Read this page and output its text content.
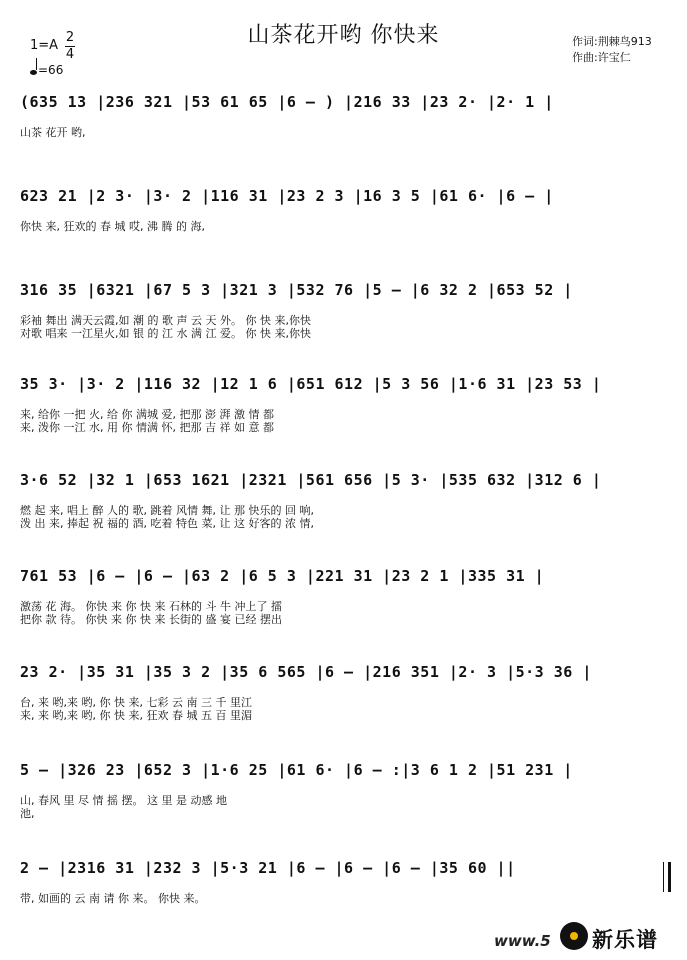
山茶花开哟 你快来
1=A
2
4
=66
作词:荆棘鸟913
作曲:许宝仁
(635 13 |236 321 |53 61 65 |6 — ) |216 33 |23 2· |2· 1 |
山茶 花开 哟,
623 21 |2 3· |3· 2 |116 31 |23 2 3 |16 3 5 |61 6· |6 — |
你快 来, 狂欢的 春 城 哎, 沸 腾 的 海,
316 35 |6321 |67 5 3 |321 3 |532 76 |5 — |6 32 2 |653 52 |
彩袖 舞出 满天云霞,如 潮 的 歌 声 云 天 外。 你 快 来,你快
对歌 唱来 一江星火,如 银 的 江 水 满 江 爱。 你 快 来,你快
35 3· |3· 2 |116 32 |12 1 6 |651 612 |5 3 56 |1·6 31 |23 53 |
来, 给你 一把 火, 给 你 满城 爱, 把那 澎 湃 激 情 都
来, 泼你 一江 水, 用 你 情满 怀, 把那 吉 祥 如 意 都
3·6 52 |32 1 |653 1621 |2321 |561 656 |5 3· |535 632 |312 6 |
燃 起 来, 唱上 醉 人的 歌, 跳着 风情 舞, 让 那 快乐的 回 响,
泼 出 来, 捧起 祝 福的 酒, 吃着 特色 菜, 让 这 好客的 浓 情,
761 53 |6 — |6 — |63 2 |6 5 3 |221 31 |23 2 1 |335 31 |
激荡 花 海。 你快 来 你 快 来 石林的 斗 牛 冲上了 擂
把你 款 待。 你快 来 你 快 来 长街的 盛 宴 已经 摆出
23 2· |35 31 |35 3 2 |35 6 565 |6 — |216 351 |2· 3 |5·3 36 |
台, 来 哟,来 哟, 你 快 来, 七彩 云 南 三 千 里江
来, 来 哟,来 哟, 你 快 来, 狂欢 春 城 五 百 里湄
5 — |326 23 |652 3 |1·6 25 |61 6· |6 — :|3 6 1 2 |51 231 |
山, 春风 里 尽 情 摇 摆。 这 里 是 动感 地
池,
2 — |2316 31 |232 3 |5·3 21 |6 — |6 — |6 — |35 60 ||
带, 如画的 云 南 请 你 来。 你快 来。
www.5 新乐谱
